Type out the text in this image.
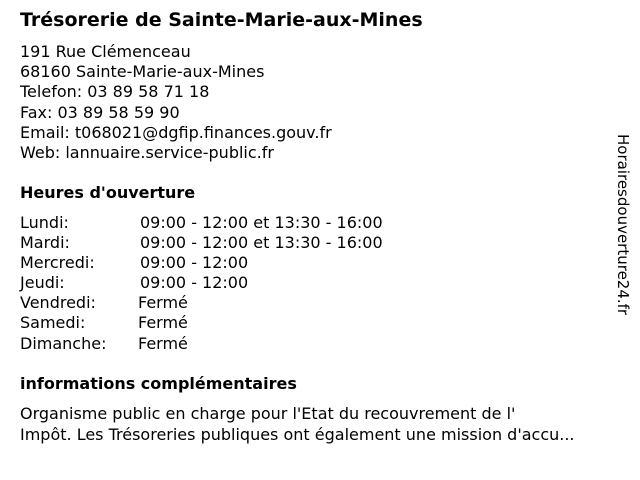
Trésorerie de Sainte-Marie-aux-Mines
191 Rue Clémenceau
68160 Sainte-Marie-aux-Mines
Telefon: 03 89 58 71 18
Fax: 03 89 58 59 90
Email: t068021@dgfip.finances.gouv.fr
Web: lannuaire.service-public.fr
Heures d'ouverture
Lundi:	09:00 - 12:00 et 13:30 - 16:00
Mardi:	09:00 - 12:00 et 13:30 - 16:00
Mercredi:	09:00 - 12:00
Jeudi:	09:00 - 12:00
Vendredi:	Fermé
Samedi:	Fermé
Dimanche: Fermé
informations complémentaires
Organisme public en charge pour l'Etat du recouvrement de l'
Impôt. Les Trésoreries publiques ont également une mission d'accu...
Horairesdouverture24.fr
